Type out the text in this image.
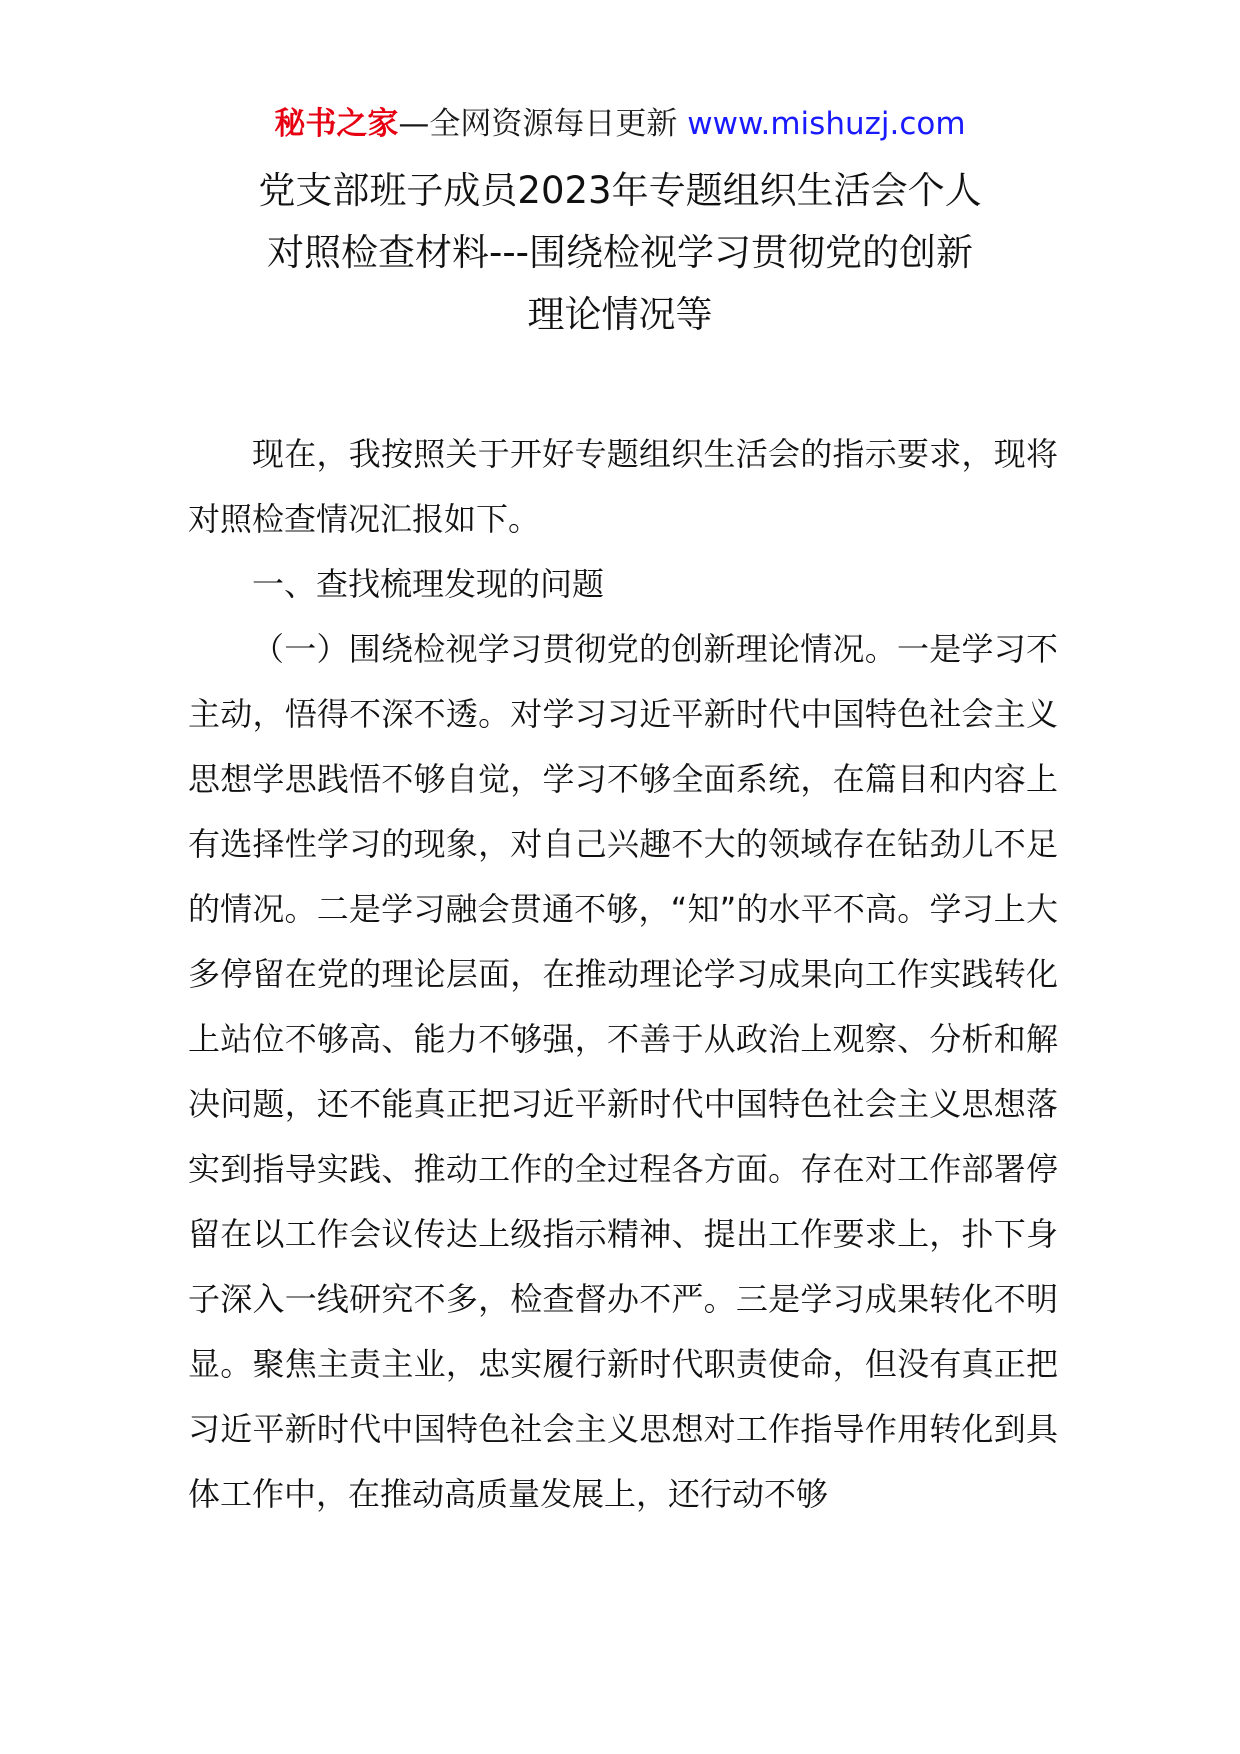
秘书之家—全网资源每日更新 www.mishuzj.com
党支部班子成员2023年专题组织生活会个人
对照检查材料---围绕检视学习贯彻党的创新
理论情况等

现在，我按照关于开好专题组织生活会的指示要求，现将对照检查情况汇报如下。

一、查找梳理发现的问题

（一）围绕检视学习贯彻党的创新理论情况。一是学习不主动，悟得不深不透。对学习习近平新时代中国特色社会主义思想学思践悟不够自觉，学习不够全面系统，在篇目和内容上有选择性学习的现象，对自己兴趣不大的领域存在钻劲儿不足的情况。二是学习融会贯通不够，“知”的水平不高。学习上大多停留在党的理论层面，在推动理论学习成果向工作实践转化上站位不够高、能力不够强，不善于从政治上观察、分析和解决问题，还不能真正把习近平新时代中国特色社会主义思想落实到指导实践、推动工作的全过程各方面。存在对工作部署停留在以工作会议传达上级指示精神、提出工作要求上，扑下身子深入一线研究不多，检查督办不严。三是学习成果转化不明显。聚焦主责主业，忠实履行新时代职责使命，但没有真正把习近平新时代中国特色社会主义思想对工作指导作用转化到具体工作中，在推动高质量发展上，还行动不够
